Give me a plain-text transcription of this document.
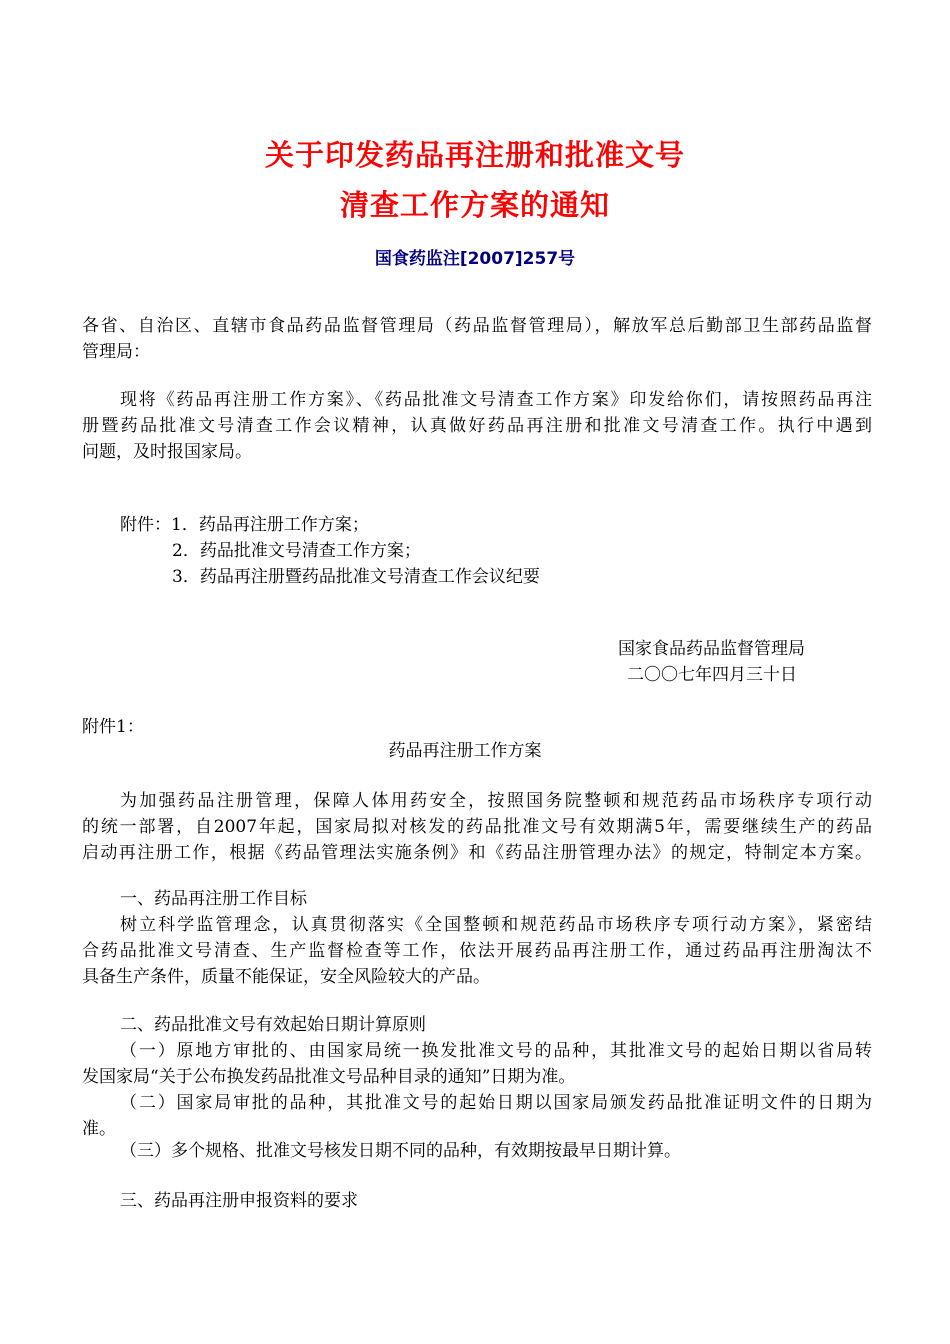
关于印发药品再注册和批准文号
清查工作方案的通知
国食药监注[2007]257号
各省、自治区、直辖市食品药品监督管理局（药品监督管理局），解放军总后勤部卫生部药品监督
管理局：
现将《药品再注册工作方案》、《药品批准文号清查工作方案》印发给你们，请按照药品再注
册暨药品批准文号清查工作会议精神，认真做好药品再注册和批准文号清查工作。执行中遇到
问题，及时报国家局。
附件：1．药品再注册工作方案；
2．药品批准文号清查工作方案；
3．药品再注册暨药品批准文号清查工作会议纪要
国家食品药品监督管理局
二〇〇七年四月三十日
附件1：
药品再注册工作方案
为加强药品注册管理，保障人体用药安全，按照国务院整顿和规范药品市场秩序专项行动
的统一部署，自2007年起，国家局拟对核发的药品批准文号有效期满5年，需要继续生产的药品
启动再注册工作，根据《药品管理法实施条例》和《药品注册管理办法》的规定，特制定本方案。
一、药品再注册工作目标
树立科学监管理念，认真贯彻落实《全国整顿和规范药品市场秩序专项行动方案》，紧密结
合药品批准文号清查、生产监督检查等工作，依法开展药品再注册工作，通过药品再注册淘汰不
具备生产条件，质量不能保证，安全风险较大的产品。
二、药品批准文号有效起始日期计算原则
（一）原地方审批的、由国家局统一换发批准文号的品种，其批准文号的起始日期以省局转
发国家局“关于公布换发药品批准文号品种目录的通知”日期为准。
（二）国家局审批的品种，其批准文号的起始日期以国家局颁发药品批准证明文件的日期为
准。
（三）多个规格、批准文号核发日期不同的品种，有效期按最早日期计算。
三、药品再注册申报资料的要求
